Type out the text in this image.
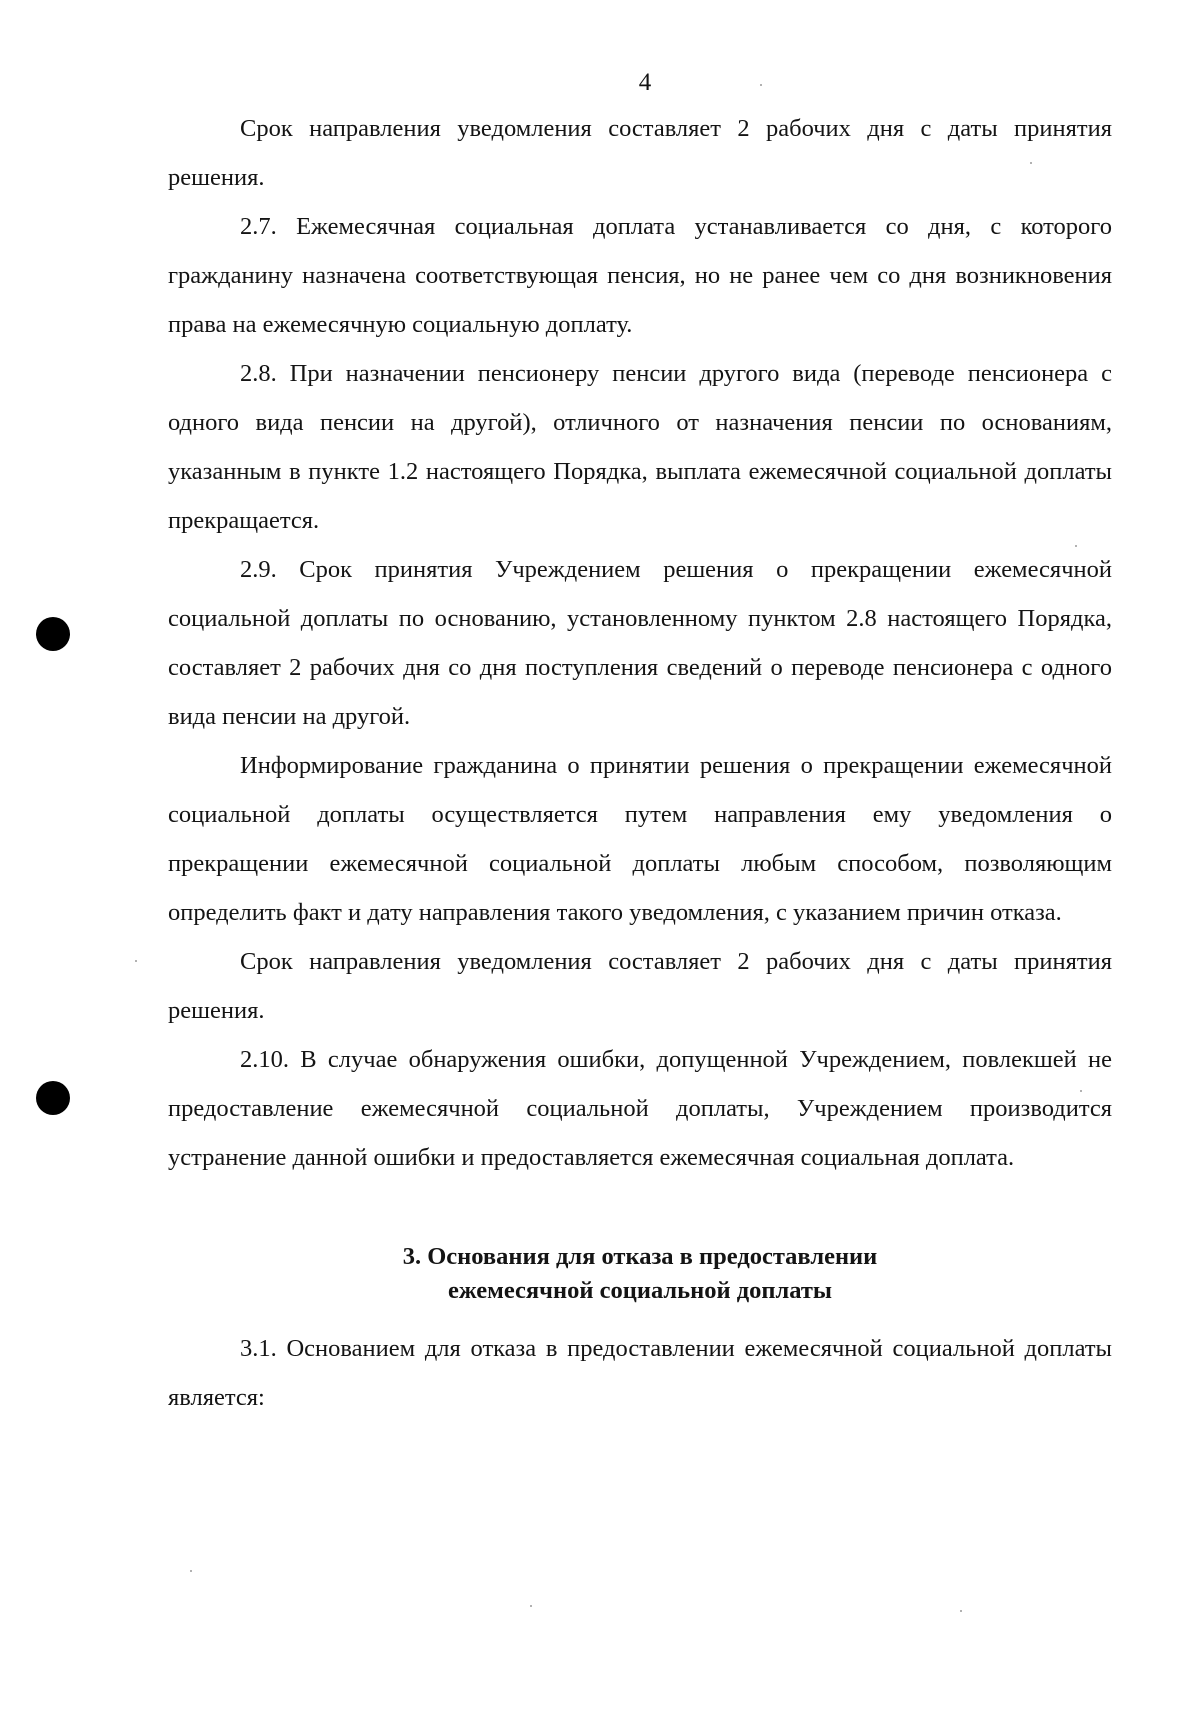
4

Срок направления уведомления составляет 2 рабочих дня с даты принятия решения.

2.7. Ежемесячная социальная доплата устанавливается со дня, с которого гражданину назначена соответствующая пенсия, но не ранее чем со дня возникновения права на ежемесячную социальную доплату.

2.8. При назначении пенсионеру пенсии другого вида (переводе пенсионера с одного вида пенсии на другой), отличного от назначения пенсии по основаниям, указанным в пункте 1.2 настоящего Порядка, выплата ежемесячной социальной доплаты прекращается.

2.9. Срок принятия Учреждением решения о прекращении ежемесячной социальной доплаты по основанию, установленному пунктом 2.8 настоящего Порядка, составляет 2 рабочих дня со дня поступления сведений о переводе пенсионера с одного вида пенсии на другой.

Информирование гражданина о принятии решения о прекращении ежемесячной социальной доплаты осуществляется путем направления ему уведомления о прекращении ежемесячной социальной доплаты любым способом, позволяющим определить факт и дату направления такого уведомления, с указанием причин отказа.

Срок направления уведомления составляет 2 рабочих дня с даты принятия решения.

2.10. В случае обнаружения ошибки, допущенной Учреждением, повлекшей не предоставление ежемесячной социальной доплаты, Учреждением производится устранение данной ошибки и предоставляется ежемесячная социальная доплата.

3. Основания для отказа в предоставлении
ежемесячной социальной доплаты

3.1. Основанием для отказа в предоставлении ежемесячной социальной доплаты является:
